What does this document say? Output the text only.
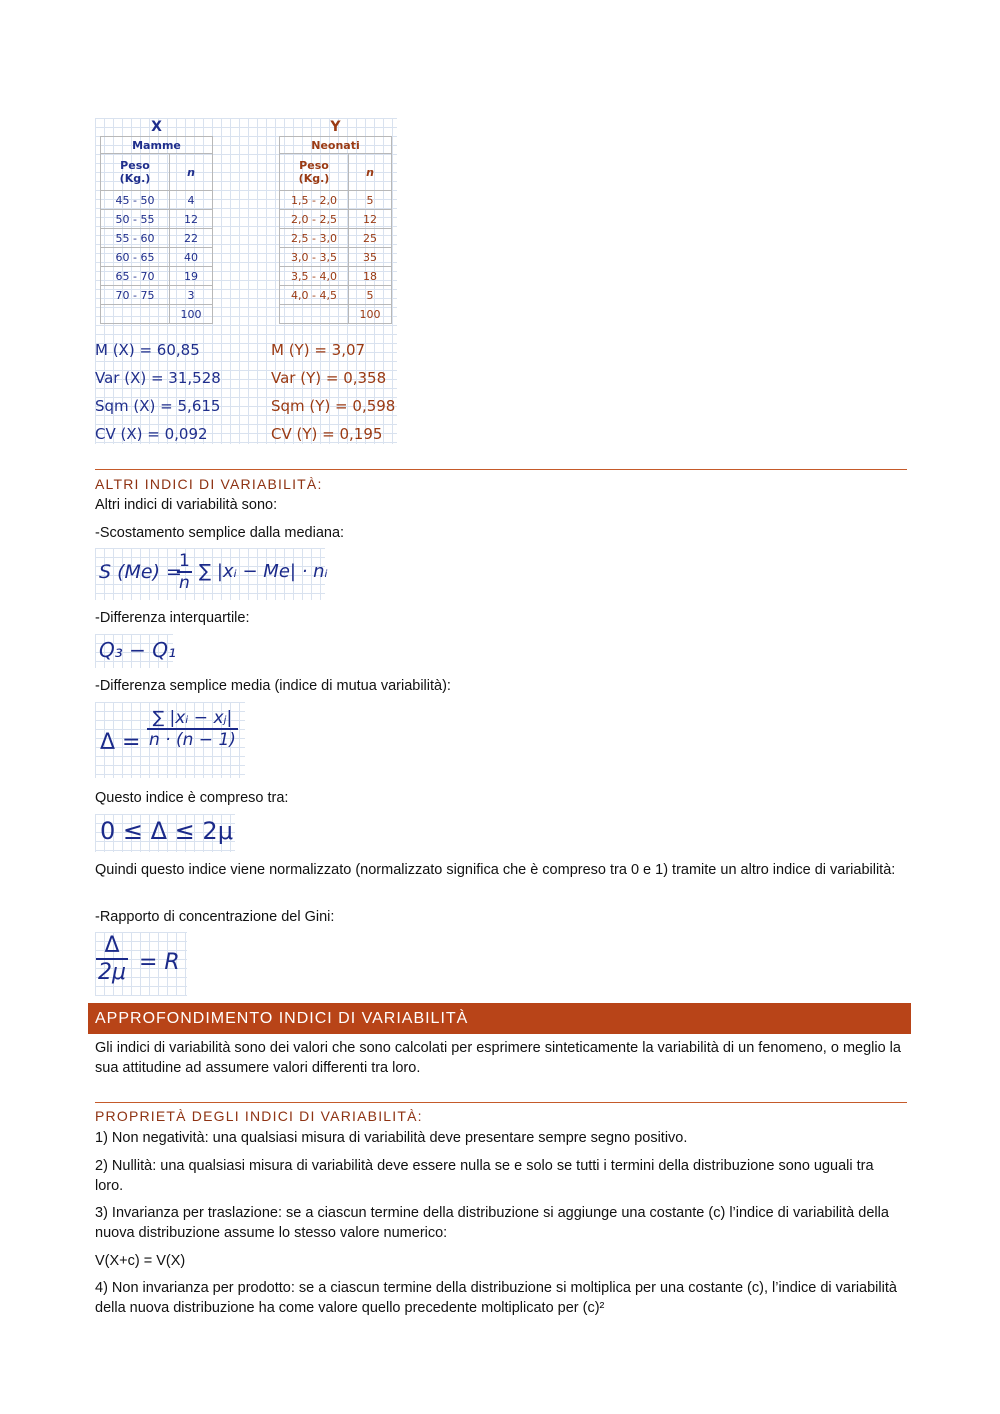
X
Mamme	
Peso
(Kg.)	n
45 - 50	4
50 - 55	12
55 - 60	22
60 - 65	40
65 - 70	19
70 - 75	3
	100
Y
Neonati	
Peso
(Kg.)	n
1,5 - 2,0	5
2,0 - 2,5	12
2,5 - 3,0	25
3,0 - 3,5	35
3,5 - 4,0	18
4,0 - 4,5	5
	100
M (X) = 60,85
Var (X) = 31,528
Sqm (X) = 5,615
CV (X) = 0,092
M (Y) = 3,07
Var (Y) = 0,358
Sqm (Y) = 0,598
CV (Y) = 0,195
ALTRI INDICI DI VARIABILITÀ:
Altri indici di variabilità sono:
-Scostamento semplice dalla mediana:
S (Me) =
$\frac{1}{n}$ ∑ |xᵢ − Me| · nᵢ
-Differenza interquartile:
Q₃ − Q₁
-Differenza semplice media (indice di mutua variabilità):
$\Delta = \frac{\text{∑ |xᵢ − xⱼ|}}{n \cdot (n - 1)}$
Questo indice è compreso tra:
0 ≤ Δ ≤ 2μ
Quindi questo indice viene normalizzato (normalizzato significa che è compreso tra 0 e 1) tramite un altro indice di variabilità:
-Rapporto di concentrazione del Gini:
$\frac{\Delta}{2\mu} = R$
APPROFONDIMENTO INDICI DI VARIABILITÀ
Gli indici di variabilità sono dei valori che sono calcolati per esprimere sinteticamente la variabilità di un fenomeno, o meglio la sua attitudine ad assumere valori differenti tra loro.
PROPRIETÀ DEGLI INDICI DI VARIABILITÀ:
1) Non negatività: una qualsiasi misura di variabilità deve presentare sempre segno positivo.
2) Nullità: una qualsiasi misura di variabilità deve essere nulla se e solo se tutti i termini della distribuzione sono uguali tra loro.
3) Invarianza per traslazione: se a ciascun termine della distribuzione si aggiunge una costante (c) l’indice di variabilità della nuova distribuzione assume lo stesso valore numerico:
V(X+c) = V(X)
4) Non invarianza per prodotto: se a ciascun termine della distribuzione si moltiplica per una costante (c), l’indice di variabilità della nuova distribuzione ha come valore quello precedente moltiplicato per (c)²
